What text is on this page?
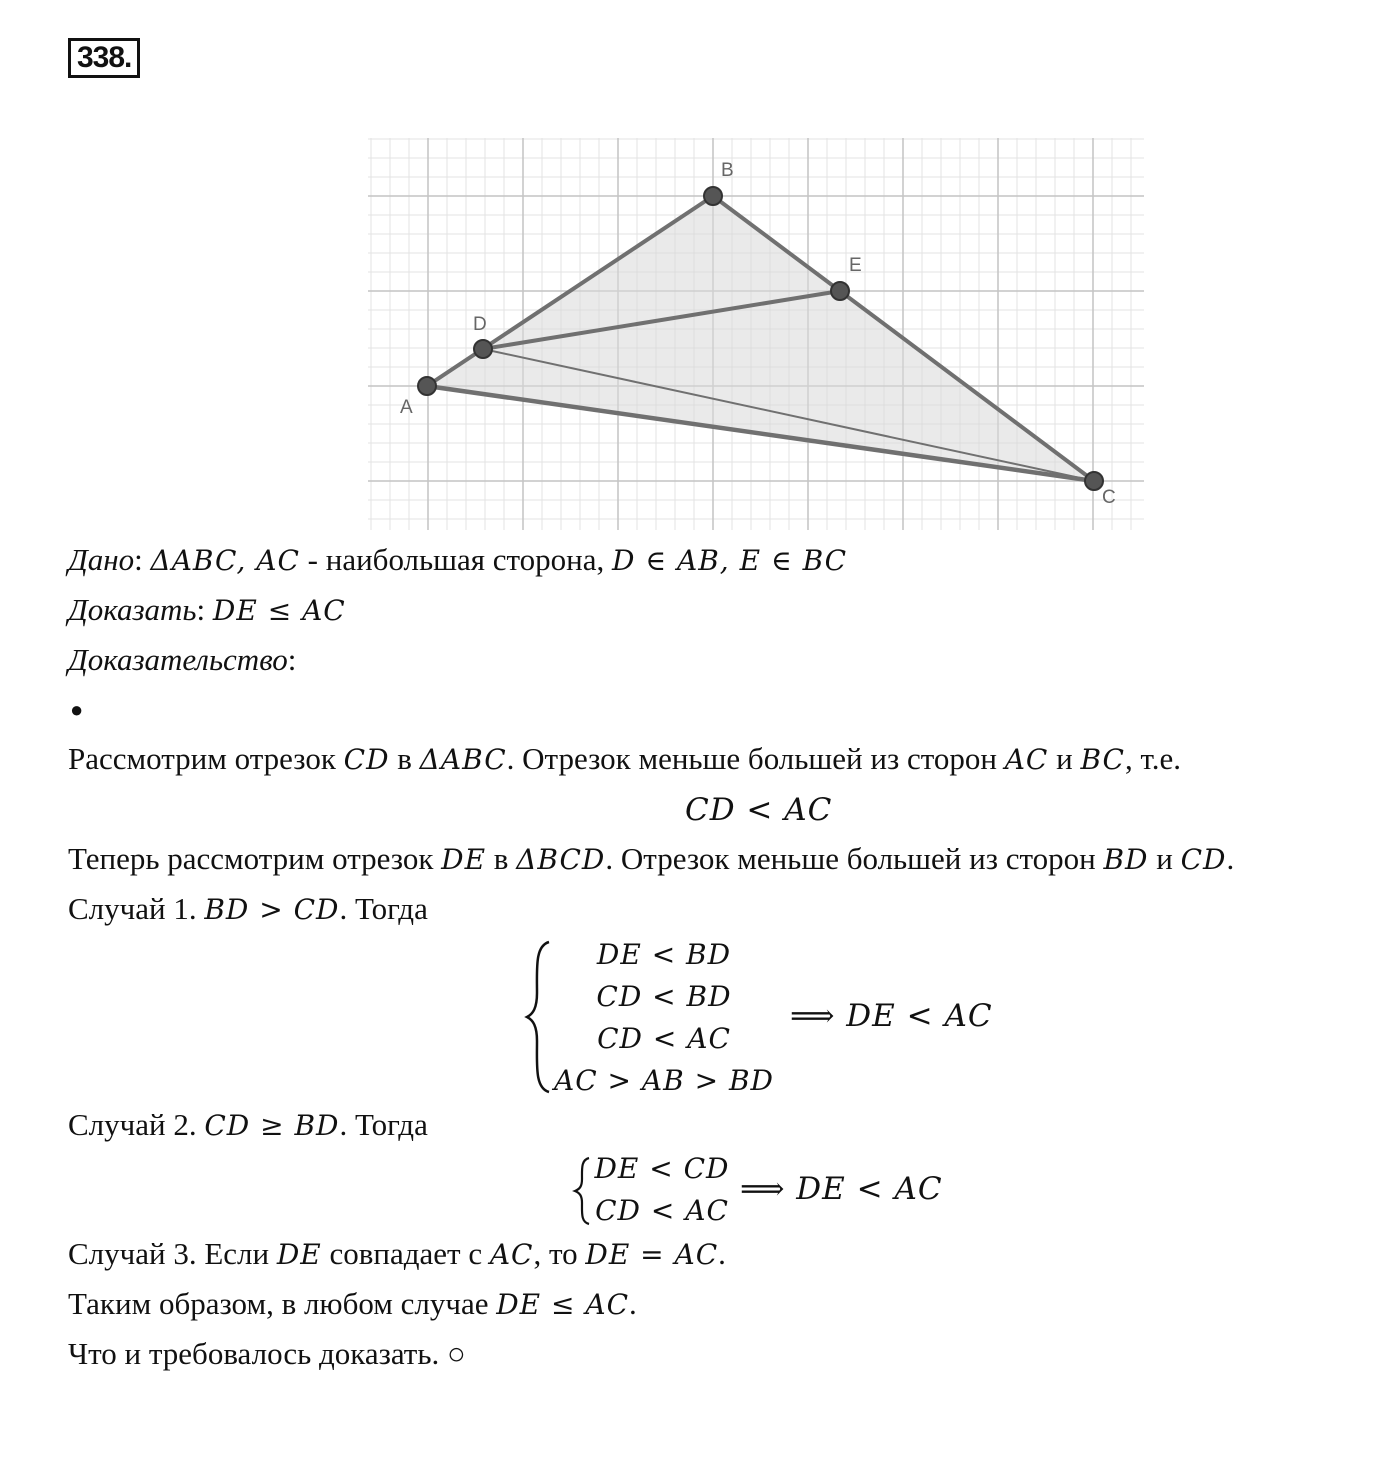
338.
A
B
C
D
E
Дано: ΔABC, AC - наибольшая сторона, D ∈ AB, E ∈ BC
Доказать: DE ≤ AC
Доказательство:
●
Рассмотрим отрезок CD в ΔABC. Отрезок меньше большей из сторон AC и BC, т.е.
CD < AC
Теперь рассмотрим отрезок DE в ΔBCD. Отрезок меньше большей из сторон BD и CD.
Случай 1. BD > CD. Тогда
DE < BD
CD < BD
CD < AC
AC > AB > BD
⟹ DE < AC
Случай 2. CD ≥ BD. Тогда
DE < CD
CD < AC
⟹ DE < AC
Случай 3. Если DE совпадает с AC, то DE = AC.
Таким образом, в любом случае DE ≤ AC.
Что и требовалось доказать. ○
